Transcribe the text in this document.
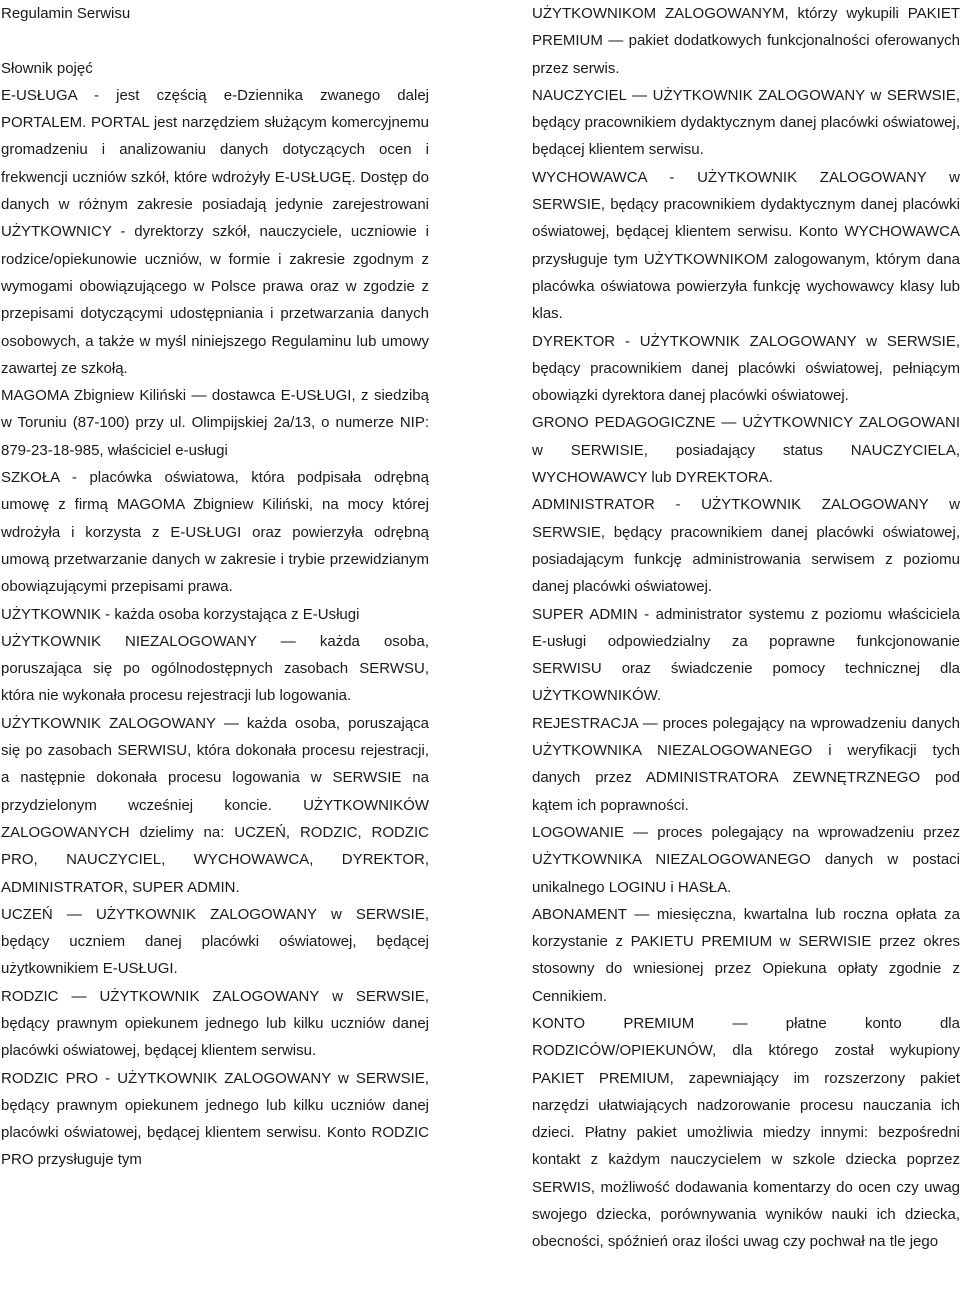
Regulamin Serwisu

Słownik pojęć

E-USŁUGA - jest częścią e-Dziennika zwanego dalej PORTALEM. PORTAL jest narzędziem służącym komercyjnemu gromadzeniu i analizowaniu danych dotyczących ocen i frekwencji uczniów szkół, które wdrożyły E-USŁUGĘ. Dostęp do danych w różnym zakresie posiadają jedynie zarejestrowani UŻYTKOWNICY - dyrektorzy szkół, nauczyciele, uczniowie i rodzice/opiekunowie uczniów, w formie i zakresie zgodnym z wymogami obowiązującego w Polsce prawa oraz w zgodzie z przepisami dotyczącymi udostępniania i przetwarzania danych osobowych, a także w myśl niniejszego Regulaminu lub umowy zawartej ze szkołą.

MAGOMA Zbigniew Kiliński — dostawca E-USŁUGI, z siedzibą w Toruniu (87-100) przy ul. Olimpijskiej 2a/13, o numerze NIP: 879-23-18-985, właściciel e-usługi

SZKOŁA - placówka oświatowa, która podpisała odrębną umowę z firmą MAGOMA Zbigniew Kiliński, na mocy której wdrożyła i korzysta z E-USŁUGI oraz powierzyła odrębną umową przetwarzanie danych w zakresie i trybie przewidzianym obowiązującymi przepisami prawa.

UŻYTKOWNIK - każda osoba korzystająca z E-Usługi

UŻYTKOWNIK NIEZALOGOWANY — każda osoba, poruszająca się po ogólnodostępnych zasobach SERWSU, która nie wykonała procesu rejestracji lub logowania.

UŻYTKOWNIK ZALOGOWANY — każda osoba, poruszająca się po zasobach SERWISU, która dokonała procesu rejestracji, a następnie dokonała procesu logowania w SERWSIE na przydzielonym wcześniej koncie. UŻYTKOWNIKÓW ZALOGOWANYCH dzielimy na: UCZEŃ, RODZIC, RODZIC PRO, NAUCZYCIEL, WYCHOWAWCA, DYREKTOR, ADMINISTRATOR, SUPER ADMIN.

UCZEŃ — UŻYTKOWNIK ZALOGOWANY w SERWSIE, będący uczniem danej placówki oświatowej, będącej użytkownikiem E-USŁUGI.

RODZIC — UŻYTKOWNIK ZALOGOWANY w SERWSIE, będący prawnym opiekunem jednego lub kilku uczniów danej placówki oświatowej, będącej klientem serwisu.

RODZIC PRO - UŻYTKOWNIK ZALOGOWANY w SERWSIE, będący prawnym opiekunem jednego lub kilku uczniów danej placówki oświatowej, będącej klientem serwisu. Konto RODZIC PRO przysługuje tym

UŻYTKOWNIKOM ZALOGOWANYM, którzy wykupili PAKIET PREMIUM — pakiet dodatkowych funkcjonalności oferowanych przez serwis.

NAUCZYCIEL — UŻYTKOWNIK ZALOGOWANY w SERWSIE, będący pracownikiem dydaktycznym danej placówki oświatowej, będącej klientem serwisu.

WYCHOWAWCA - UŻYTKOWNIK ZALOGOWANY w SERWSIE, będący pracownikiem dydaktycznym danej placówki oświatowej, będącej klientem serwisu. Konto WYCHOWAWCA przysługuje tym UŻYTKOWNIKOM zalogowanym, którym dana placówka oświatowa powierzyła funkcję wychowawcy klasy lub klas.

DYREKTOR - UŻYTKOWNIK ZALOGOWANY w SERWSIE, będący pracownikiem danej placówki oświatowej, pełniącym obowiązki dyrektora danej placówki oświatowej.

GRONO PEDAGOGICZNE — UŻYTKOWNICY ZALOGOWANI w SERWISIE, posiadający status NAUCZYCIELA, WYCHOWAWCY lub DYREKTORA.

ADMINISTRATOR - UŻYTKOWNIK ZALOGOWANY w SERWSIE, będący pracownikiem danej placówki oświatowej, posiadającym funkcję administrowania serwisem z poziomu danej placówki oświatowej.

SUPER ADMIN - administrator systemu z poziomu właściciela E-usługi odpowiedzialny za poprawne funkcjonowanie SERWISU oraz świadczenie pomocy technicznej dla UŻYTKOWNIKÓW.

REJESTRACJA — proces polegający na wprowadzeniu danych UŻYTKOWNIKA NIEZALOGOWANEGO i weryfikacji tych danych przez ADMINISTRATORA ZEWNĘTRZNEGO pod kątem ich poprawności.

LOGOWANIE — proces polegający na wprowadzeniu przez UŻYTKOWNIKA NIEZALOGOWANEGO danych w postaci unikalnego LOGINU i HASŁA.

ABONAMENT — miesięczna, kwartalna lub roczna opłata za korzystanie z PAKIETU PREMIUM w SERWISIE przez okres stosowny do wniesionej przez Opiekuna opłaty zgodnie z Cennikiem.

KONTO PREMIUM — płatne konto dla RODZICÓW/OPIEKUNÓW, dla którego został wykupiony PAKIET PREMIUM, zapewniający im rozszerzony pakiet narzędzi ułatwiających nadzorowanie procesu nauczania ich dzieci. Płatny pakiet umożliwia miedzy innymi: bezpośredni kontakt z każdym nauczycielem w szkole dziecka poprzez SERWIS, możliwość dodawania komentarzy do ocen czy uwag swojego dziecka, porównywania wyników nauki ich dziecka, obecności, spóźnień oraz ilości uwag czy pochwał na tle jego
